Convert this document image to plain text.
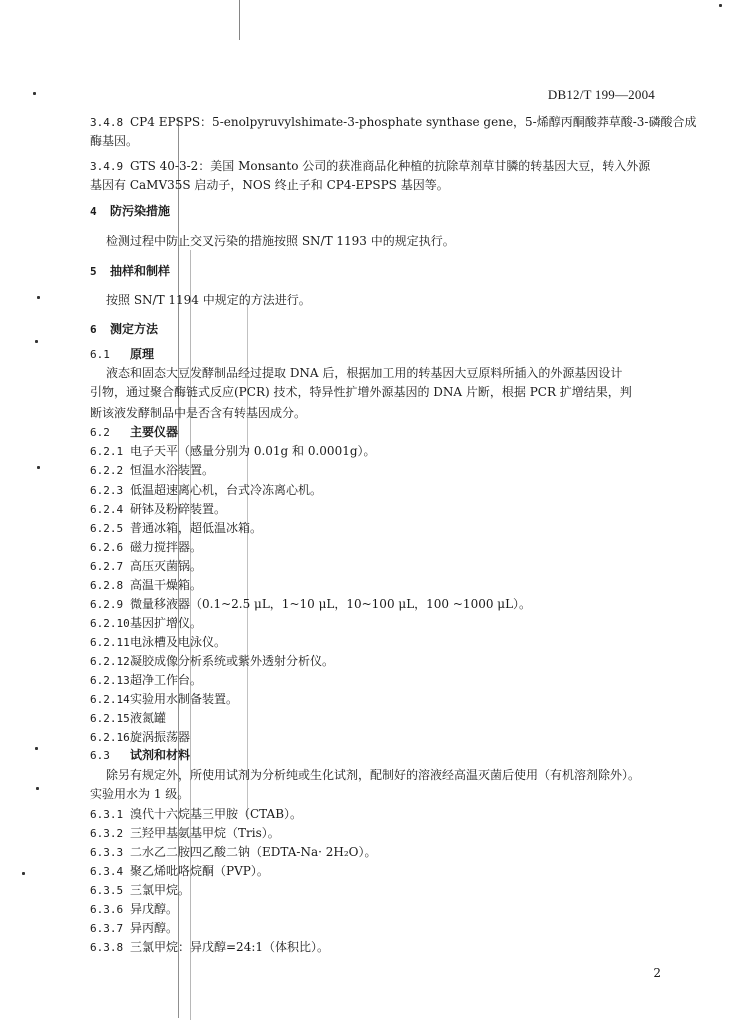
DB12/T 199—2004
3.4.8 CP4 EPSPS：5-enolpyruvylshimate-3-phosphate synthase gene，5-烯醇丙酮酸莽草酸-3-磷酸合成
酶基因。
3.4.9 GTS 40-3-2：美国 Monsanto 公司的获准商品化种植的抗除草剂草甘膦的转基因大豆，转入外源
基因有 CaMV35S 启动子，NOS 终止子和 CP4-EPSPS 基因等。
4 防污染措施
检测过程中防止交叉污染的措施按照 SN/T 1193 中的规定执行。
5 抽样和制样
按照 SN/T 1194 中规定的方法进行。
6 测定方法
6.1 原理
液态和固态大豆发酵制品经过提取 DNA 后，根据加工用的转基因大豆原料所插入的外源基因设计
引物，通过聚合酶链式反应(PCR) 技术，特异性扩增外源基因的 DNA 片断，根据 PCR 扩增结果，判
断该液发酵制品中是否含有转基因成分。
6.2 主要仪器
6.2.1 电子天平（感量分别为 0.01g 和 0.0001g）。
6.2.2 恒温水浴装置。
6.2.3 低温超速离心机，台式冷冻离心机。
6.2.4 研钵及粉碎装置。
6.2.5 普通冰箱，超低温冰箱。
6.2.6 磁力搅拌器。
6.2.7 高压灭菌锅。
6.2.8 高温干燥箱。
6.2.9 微量移液器（0.1~2.5 μL，1~10 μL，10~100 μL，100 ~1000 μL）。
6.2.10基因扩增仪。
6.2.11电泳槽及电泳仪。
6.2.12凝胶成像分析系统或紫外透射分析仪。
6.2.13超净工作台。
6.2.14实验用水制备装置。
6.2.15液氮罐
6.2.16旋涡振荡器
6.3 试剂和材料
除另有规定外，所使用试剂为分析纯或生化试剂，配制好的溶液经高温灭菌后使用（有机溶剂除外）。
实验用水为 1 级。
6.3.1 溴代十六烷基三甲胺（CTAB）。
6.3.2 三羟甲基氨基甲烷（Tris）。
6.3.3 二水乙二胺四乙酸二钠（EDTA-Na· 2H₂O）。
6.3.4 聚乙烯吡咯烷酮（PVP）。
6.3.5 三氯甲烷。
6.3.6 异戊醇。
6.3.7 异丙醇。
6.3.8 三氯甲烷：异戊醇=24:1（体积比）。
2
